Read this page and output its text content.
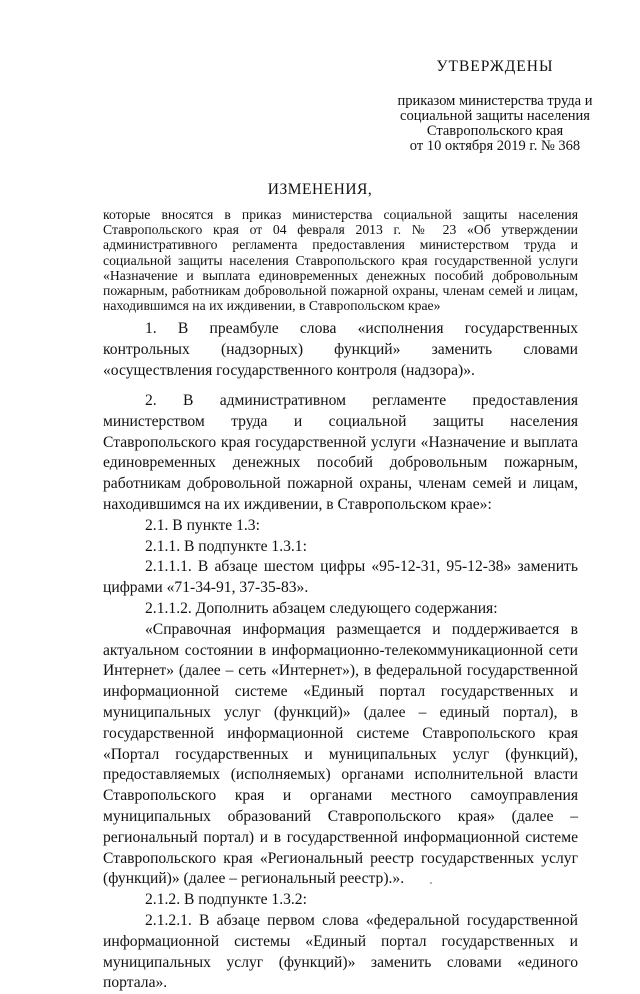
УТВЕРЖДЕНЫ
приказом министерства труда и
социальной защиты населения
Ставропольского края
от 10 октября 2019 г. № 368
ИЗМЕНЕНИЯ,
которые вносятся в приказ министерства социальной защиты населения Ставропольского края от 04 февраля 2013 г. № 23 «Об утверждении административного регламента предоставления министерством труда и социальной защиты населения Ставропольского края государственной услуги «Назначение и выплата единовременных денежных пособий добровольным пожарным, работникам добровольной пожарной охраны, членам семей и лицам, находившимся на их иждивении, в Ставропольском крае»

1. В преамбуле слова «исполнения государственных контрольных (надзорных) функций» заменить словами «осуществления государственного контроля (надзора)».

2. В административном регламенте предоставления министерством труда и социальной защиты населения Ставропольского края государственной услуги «Назначение и выплата единовременных денежных пособий добровольным пожарным, работникам добровольной пожарной охраны, членам семей и лицам, находившимся на их иждивении, в Ставропольском крае»:

2.1. В пункте 1.3:

2.1.1. В подпункте 1.3.1:

2.1.1.1. В абзаце шестом цифры «95-12-31, 95-12-38» заменить цифрами «71-34-91, 37-35-83».

2.1.1.2. Дополнить абзацем следующего содержания:

«Справочная информация размещается и поддерживается в актуальном состоянии в информационно-телекоммуникационной сети Интернет» (далее – сеть «Интернет»), в федеральной государственной информационной системе «Единый портал государственных и муниципальных услуг (функций)» (далее – единый портал), в государственной информационной системе Ставропольского края «Портал государственных и муниципальных услуг (функций), предоставляемых (исполняемых) органами исполнительной власти Ставропольского края и органами местного самоуправления муниципальных образований Ставропольского края» (далее – региональный портал) и в государственной информационной системе Ставропольского края «Региональный реестр государственных услуг (функций)» (далее – региональный реестр).».

2.1.2. В подпункте 1.3.2:

2.1.2.1. В абзаце первом слова «федеральной государственной информационной системы «Единый портал государственных и муниципальных услуг (функций)» заменить словами «единого портала».
